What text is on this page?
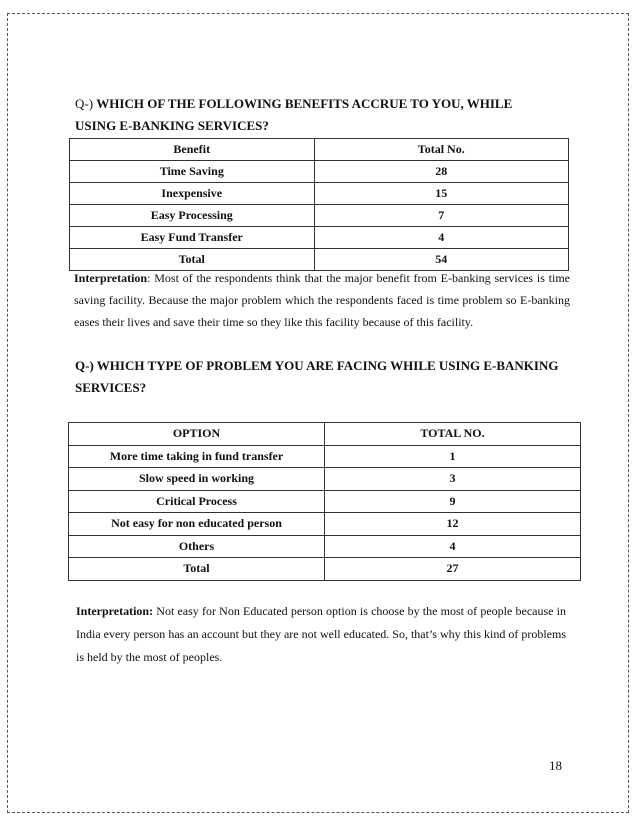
Q-) WHICH OF THE FOLLOWING BENEFITS ACCRUE TO YOU, WHILE
USING E-BANKING SERVICES?
Benefit	Total No.
Time Saving	28
Inexpensive	15
Easy Processing	7
Easy Fund Transfer	4
Total	54
Interpretation: Most of the respondents think that the major benefit from E-banking services is time saving facility. Because the major problem which the respondents faced is time problem so E-banking eases their lives and save their time so they like this facility because of this facility.
Q-) WHICH TYPE OF PROBLEM YOU ARE FACING WHILE USING E-BANKING SERVICES?
OPTION	TOTAL NO.
More time taking in fund transfer	1
Slow speed in working	3
Critical Process	9
Not easy for non educated person	12
Others	4
Total	27
Interpretation: Not easy for Non Educated person option is choose by the most of people because in India every person has an account but they are not well educated. So, that’s why this kind of problems is held by the most of peoples.
18
